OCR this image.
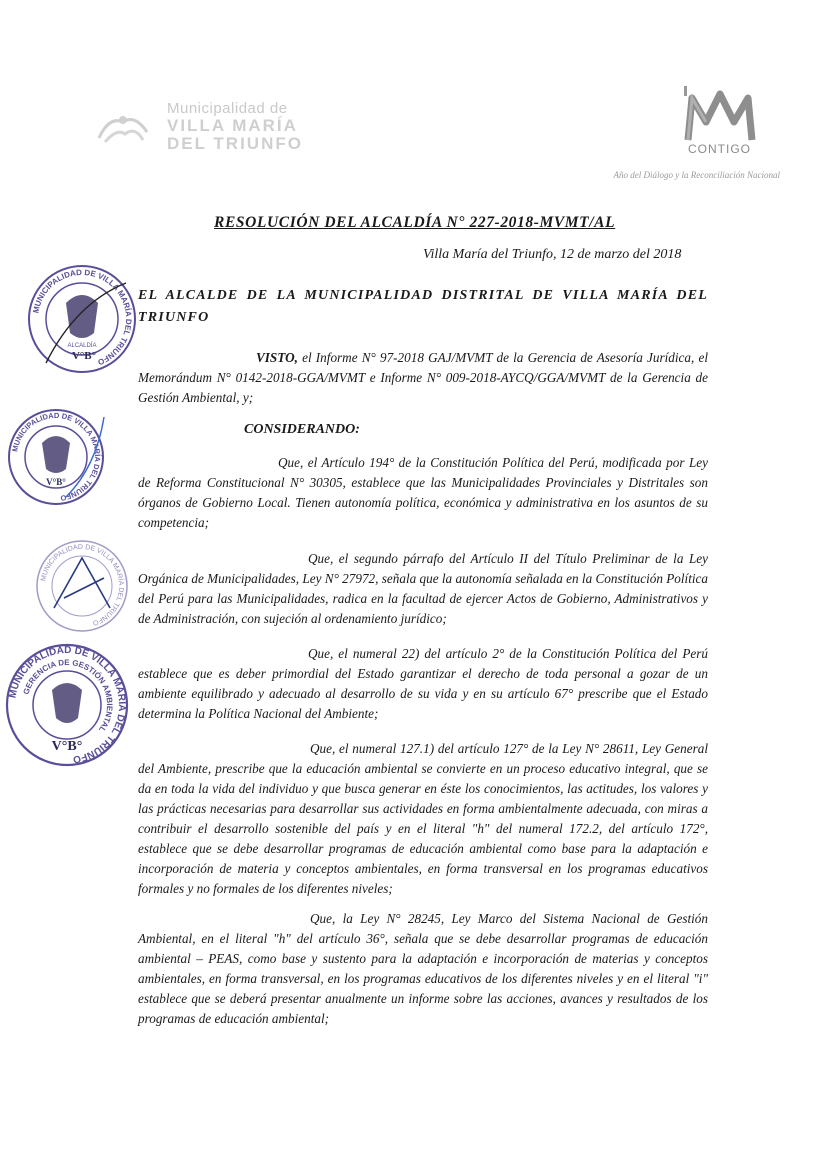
Municipalidad de
VILLA MARÍA
DEL TRIUNFO	CONTIGO
Año del Diálogo y la Reconciliación Nacional
RESOLUCIÓN DEL ALCALDÍA N° 227-2018-MVMT/AL
Villa María del Triunfo, 12 de marzo del 2018
EL ALCALDE DE LA MUNICIPALIDAD DISTRITAL DE VILLA MARÍA DEL TRIUNFO
VISTO, el Informe N° 97-2018 GAJ/MVMT de la Gerencia de Asesoría Jurídica, el Memorándum N° 0142-2018-GGA/MVMT e Informe N° 009-2018-AYCQ/GGA/MVMT de la Gerencia de Gestión Ambiental, y;
CONSIDERANDO:
Que, el Artículo 194° de la Constitución Política del Perú, modificada por Ley de Reforma Constitucional N° 30305, establece que las Municipalidades Provinciales y Distritales son órganos de Gobierno Local. Tienen autonomía política, económica y administrativa en los asuntos de su competencia;
Que, el segundo párrafo del Artículo II del Título Preliminar de la Ley Orgánica de Municipalidades, Ley N° 27972, señala que la autonomía señalada en la Constitución Política del Perú para las Municipalidades, radica en la facultad de ejercer Actos de Gobierno, Administrativos y de Administración, con sujeción al ordenamiento jurídico;
Que, el numeral 22) del artículo 2° de la Constitución Política del Perú establece que es deber primordial del Estado garantizar el derecho de toda personal a gozar de un ambiente equilibrado y adecuado al desarrollo de su vida y en su artículo 67° prescribe que el Estado determina la Política Nacional del Ambiente;
Que, el numeral 127.1) del artículo 127° de la Ley N° 28611, Ley General del Ambiente, prescribe que la educación ambiental se convierte en un proceso educativo integral, que se da en toda la vida del individuo y que busca generar en éste los conocimientos, las actitudes, los valores y las prácticas necesarias para desarrollar sus actividades en forma ambientalmente adecuada, con miras a contribuir el desarrollo sostenible del país y en el literal "h" del numeral 172.2, del artículo 172°, establece que se debe desarrollar programas de educación ambiental como base para la adaptación e incorporación de materia y conceptos ambientales, en forma transversal en los programas educativos formales y no formales de los diferentes niveles;
Que, la Ley N° 28245, Ley Marco del Sistema Nacional de Gestión Ambiental, en el literal "h" del artículo 36°, señala que se debe desarrollar programas de educación ambiental – PEAS, como base y sustento para la adaptación e incorporación de materias y conceptos ambientales, en forma transversal, en los programas educativos de los diferentes niveles y en el literal "i" establece que se deberá presentar anualmente un informe sobre las acciones, avances y resultados de los programas de educación ambiental;
MUNICIPALIDAD DE VILLA MARÍA DEL TRIUNFO
ALCALDÍA
V°B°
MUNICIPALIDAD DE VILLA MARÍA DEL TRIUNFO
V°B°
MUNICIPALIDAD DE VILLA MARÍA DEL TRIUNFO
MUNICIPALIDAD DE VILLA MARÍA DEL TRIUNFO
GERENCIA DE GESTIÓN AMBIENTAL
V°B°
